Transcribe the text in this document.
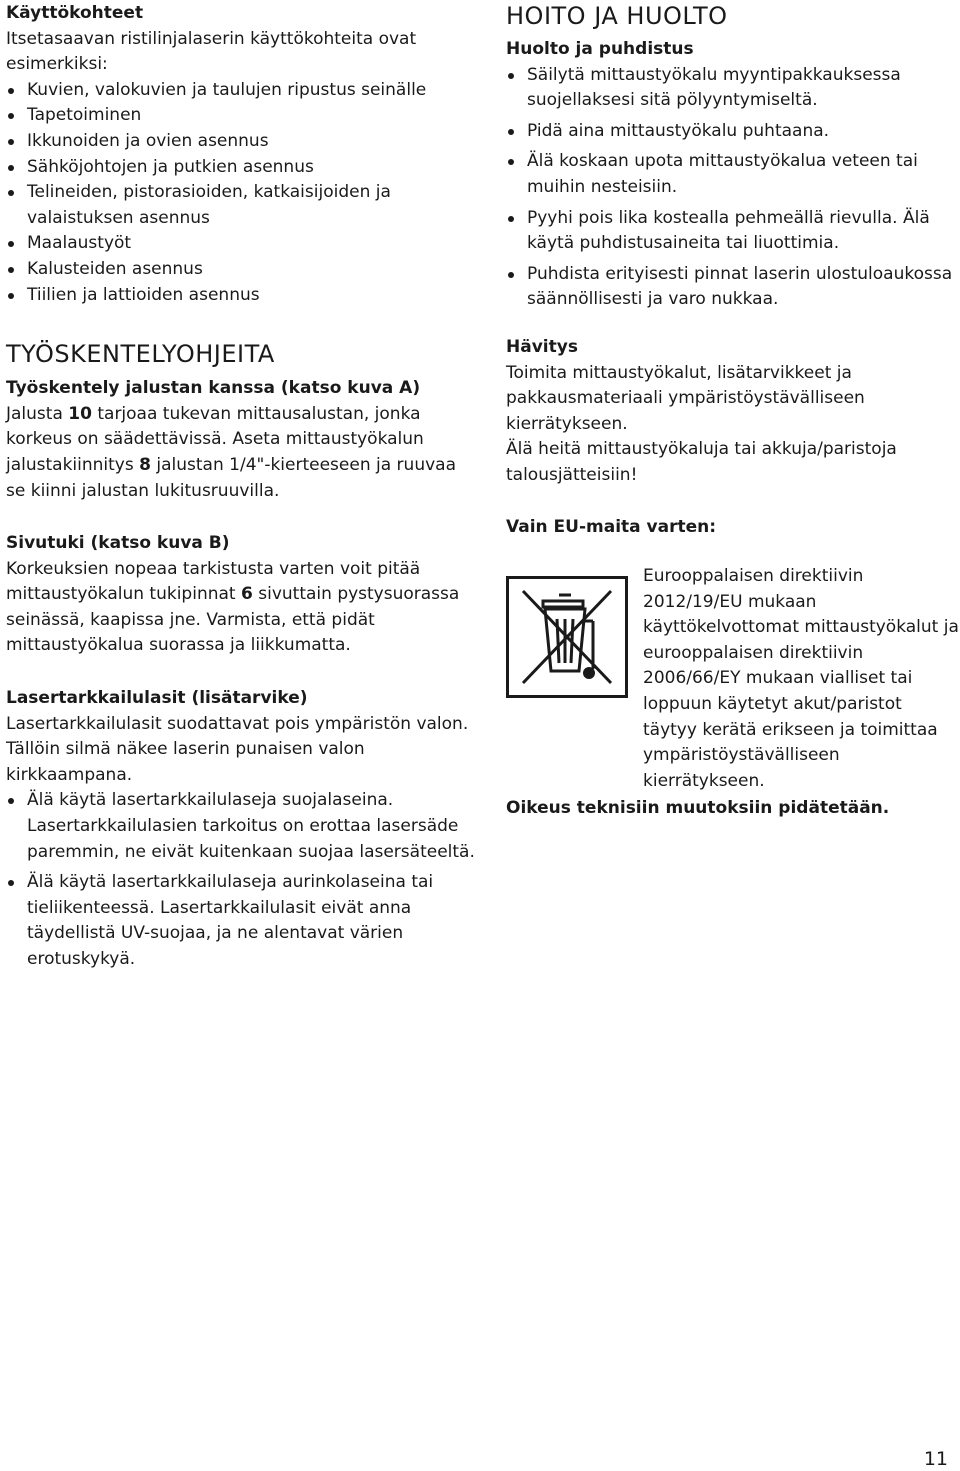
Käyttökohteet

Itsetasaavan ristilinjalaserin käyttökohteita ovat esimerkiksi:

Kuvien, valokuvien ja taulujen ripustus seinälle
Tapetoiminen
Ikkunoiden ja ovien asennus
Sähköjohtojen ja putkien asennus
Telineiden, pistorasioiden, katkaisijoiden ja valaistuksen asennus
Maalaustyöt
Kalusteiden asennus
Tiilien ja lattioiden asennus
TYÖSKENTELYOHJEITA

Työskentely jalustan kanssa (katso kuva A)

Jalusta 10 tarjoaa tukevan mittausalustan, jonka korkeus on säädettävissä. Aseta mittaustyökalun jalustakiinnitys 8 jalustan 1/4"-kierteeseen ja ruuvaa se kiinni jalustan lukitusruuvilla.

Sivutuki (katso kuva B)

Korkeuksien nopeaa tarkistusta varten voit pitää mittaustyökalun tukipinnat 6 sivuttain pystysuorassa seinässä, kaapissa jne. Varmista, että pidät mittaustyökalua suorassa ja liikkumatta.

Lasertarkkailulasit (lisätarvike)

Lasertarkkailulasit suodattavat pois ympäristön valon. Tällöin silmä näkee laserin punaisen valon kirkkaampana.

Älä käytä lasertarkkailulaseja suojalaseina. Lasertarkkailulasien tarkoitus on erottaa lasersäde paremmin, ne eivät kuitenkaan suojaa lasersäteeltä.
Älä käytä lasertarkkailulaseja aurinkolaseina tai tieliikenteessä. Lasertarkkailulasit eivät anna täydellistä UV-suojaa, ja ne alentavat värien erotuskykyä.
HOITO JA HUOLTO

Huolto ja puhdistus

Säilytä mittaustyökalu myyntipakkauksessa suojellaksesi sitä pölyyntymiseltä.
Pidä aina mittaustyökalu puhtaana.
Älä koskaan upota mittaustyökalua veteen tai muihin nesteisiin.
Pyyhi pois lika kostealla pehmeällä rievulla. Älä käytä puhdistusaineita tai liuottimia.
Puhdista erityisesti pinnat laserin ulostuloaukossa säännöllisesti ja varo nukkaa.

Hävitys

Toimita mittaustyökalut, lisätarvikkeet ja pakkausmateriaali ympäristöystävälliseen kierrätykseen.

Älä heitä mittaustyökaluja tai akkuja/paristoja talousjätteisiin!

Vain EU-maita varten:

Eurooppalaisen direktiivin 2012/19/EU mukaan käyttökelvottomat mittaustyökalut ja eurooppalaisen direktiivin 2006/66/EY mukaan vialliset tai loppuun käytetyt akut/paristot täytyy kerätä erikseen ja toimittaa ympäristöystävälliseen kierrätykseen.

Oikeus teknisiin muutoksiin pidätetään.

11
